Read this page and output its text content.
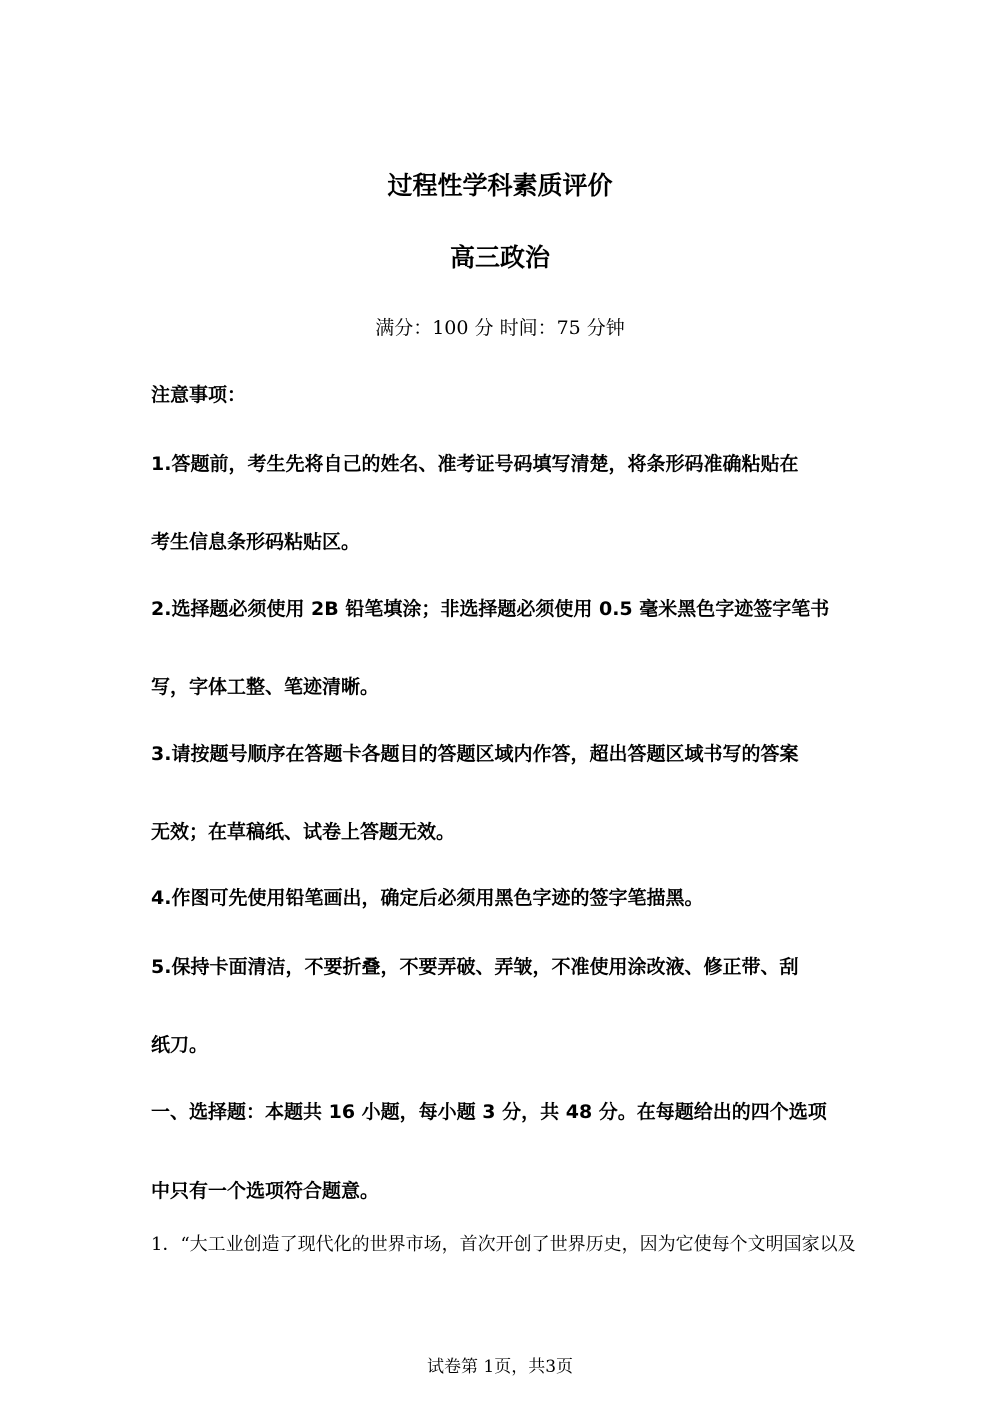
过程性学科素质评价
高三政治
满分：100 分 时间：75 分钟
注意事项：
1.答题前，考生先将自己的姓名、准考证号码填写清楚，将条形码准确粘贴在
考生信息条形码粘贴区。
2.选择题必须使用 2B 铅笔填涂；非选择题必须使用 0.5 毫米黑色字迹签字笔书
写，字体工整、笔迹清晰。
3.请按题号顺序在答题卡各题目的答题区域内作答，超出答题区域书写的答案
无效；在草稿纸、试卷上答题无效。
4.作图可先使用铅笔画出，确定后必须用黑色字迹的签字笔描黑。
5.保持卡面清洁，不要折叠，不要弄破、弄皱，不准使用涂改液、修正带、刮
纸刀。
一、选择题：本题共 16 小题，每小题 3 分，共 48 分。在每题给出的四个选项
中只有一个选项符合题意。
1．“大工业创造了现代化的世界市场，首次开创了世界历史，因为它使每个文明国家以及
试卷第 1页，共3页
